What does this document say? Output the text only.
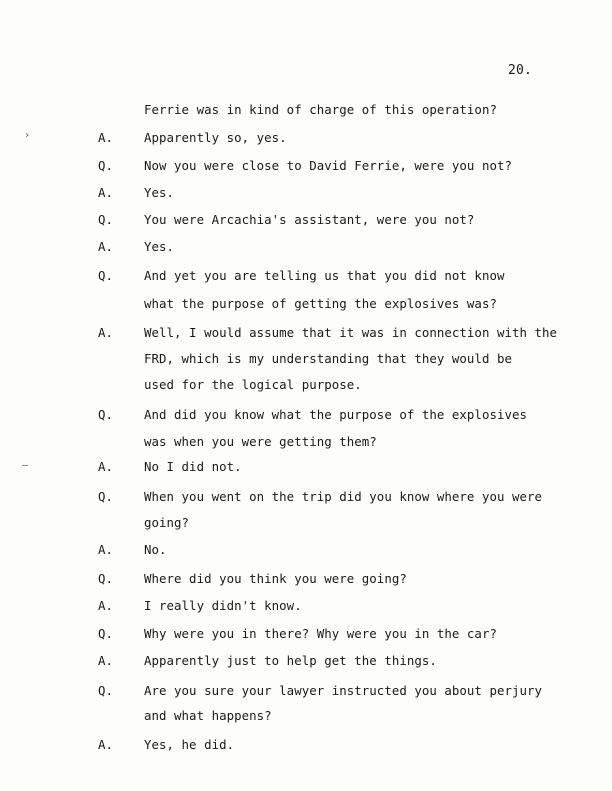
20.
›
–
Ferrie was in kind of charge of this operation?
A.	Apparently so, yes.
Q.	Now you were close to David Ferrie, were you not?
A.	Yes.
Q.	You were Arcachia's assistant, were you not?
A.	Yes.
Q.	And yet you are telling us that you did not know
what the purpose of getting the explosives was?
A.	Well, I would assume that it was in connection with the
FRD, which is my understanding that they would be
used for the logical purpose.
Q.	And did you know what the purpose of the explosives
was when you were getting them?
A.	No I did not.
Q.	When you went on the trip did you know where you were
going?
A.	No.
Q.	Where did you think you were going?
A.	I really didn't know.
Q.	Why were you in there? Why were you in the car?
A.	Apparently just to help get the things.
Q.	Are you sure your lawyer instructed you about perjury
and what happens?
A.	Yes, he did.
